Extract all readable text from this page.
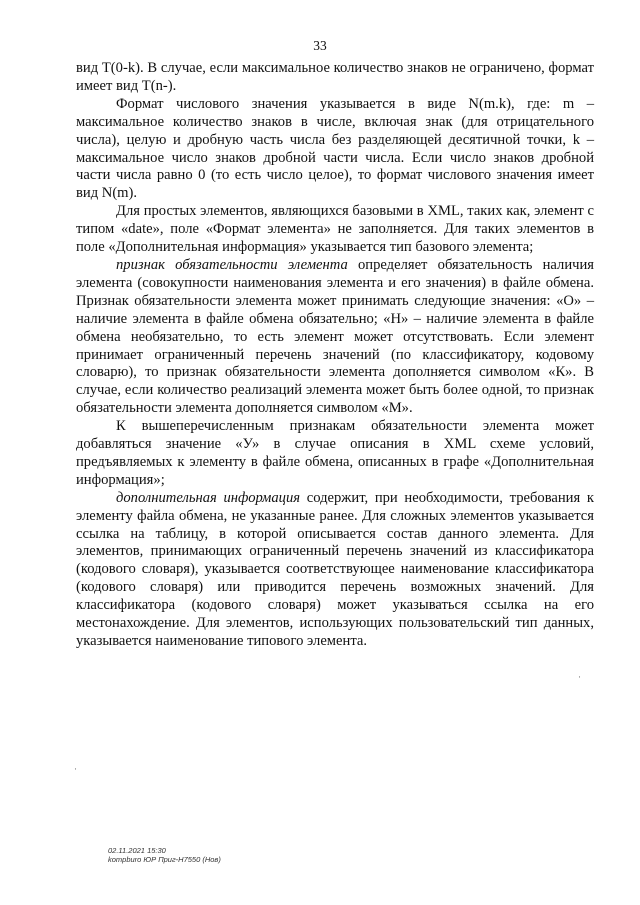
33

вид T(0-k). В случае, если максимальное количество знаков не ограничено, формат имеет вид T(n-).

Формат числового значения указывается в виде N(m.k), где: m – максимальное количество знаков в числе, включая знак (для отрицательного числа), целую и дробную часть числа без разделяющей десятичной точки, k – максимальное число знаков дробной части числа. Если число знаков дробной части числа равно 0 (то есть число целое), то формат числового значения имеет вид N(m).

Для простых элементов, являющихся базовыми в XML, таких как, элемент с типом «date», поле «Формат элемента» не заполняется. Для таких элементов в поле «Дополнительная информация» указывается тип базового элемента;

признак обязательности элемента определяет обязательность наличия элемента (совокупности наименования элемента и его значения) в файле обмена. Признак обязательности элемента может принимать следующие значения: «О» – наличие элемента в файле обмена обязательно; «Н» – наличие элемента в файле обмена необязательно, то есть элемент может отсутствовать. Если элемент принимает ограниченный перечень значений (по классификатору, кодовому словарю), то признак обязательности элемента дополняется символом «К». В случае, если количество реализаций элемента может быть более одной, то признак обязательности элемента дополняется символом «М».

К вышеперечисленным признакам обязательности элемента может добавляться значение «У» в случае описания в XML схеме условий, предъявляемых к элементу в файле обмена, описанных в графе «Дополнительная информация»;

дополнительная информация содержит, при необходимости, требования к элементу файла обмена, не указанные ранее. Для сложных элементов указывается ссылка на таблицу, в которой описывается состав данного элемента. Для элементов, принимающих ограниченный перечень значений из классификатора (кодового словаря), указывается соответствующее наименование классификатора (кодового словаря) или приводится перечень возможных значений. Для классификатора (кодового словаря) может указываться ссылка на его местонахождение. Для элементов, использующих пользовательский тип данных, указывается наименование типового элемента.

·
·
02.11.2021 15:30
kompburo ЮР Приг-Н7550 (Нов)
